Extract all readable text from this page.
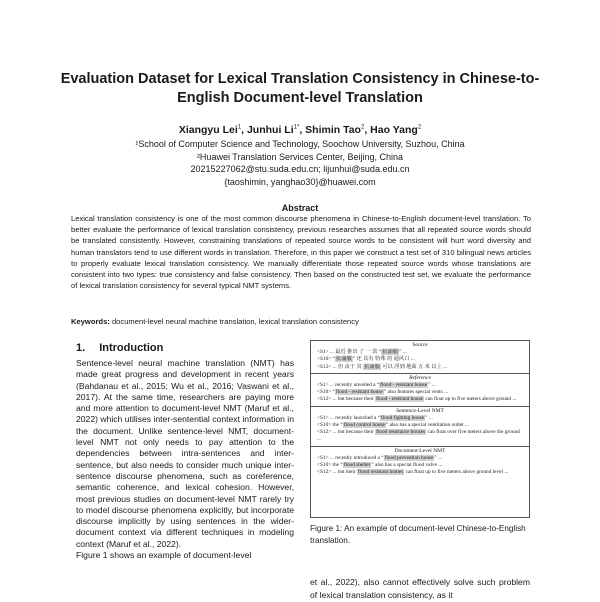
Evaluation Dataset for Lexical Translation Consistency in Chinese-to-English Document-level Translation
Xiangyu Lei$^1$, Junhui $Li^{1*}$, Shimin Tao$^2$, Hao Yang$^2$
¹School of Computer Science and Technology, Soochow University, Suzhou, China
²Huawei Translation Services Center, Beijing, China
20215227062@stu.suda.edu.cn; lijunhui@suda.edu.cn
{taoshimin, yanghao30}@huawei.com
Abstract
Lexical translation consistency is one of the most common discourse phenomena in Chinese-to-English document-level translation. To better evaluate the performance of lexical translation consistency, previous researches assumes that all repeated source words should be translated consistently. However, constraining translations of repeated source words to be consistent will hurt word diversity and human translators tend to use different words in translation. Therefore, in this paper we construct a test set of 310 bilingual news articles to properly evaluate lexical translation consistency. We manually differentiate those repeated source words whose translations are consistent into two types: true consistency and false consistency. Then based on the constructed test set, we evaluate the performance of lexical translation consistency for several typical NMT systems.
Keywords: document-level neural machine translation, lexical translation consistency
1. Introduction

Sentence-level neural machine translation (NMT) has made great progress and development in recent years (Bahdanau et al., 2015; Wu et al., 2016; Vaswani et al., 2017). At the same time, researchers are paying more and more attention to document-level NMT (Maruf et al., 2022) which utilises inter-sentential context information in the document. Unlike sentence-level NMT, document-level NMT not only needs to pay attention to the dependencies between intra-sentences and inter-sentence, but also needs to consider much unique inter-sentence discourse phenomena, such as coreference, semantic coherence, and lexical cohesion. However, most previous studies on document-level NMT rarely try to model discourse phenomena explicitly, but incorporate discourse implicitly by using sentences in the wider-document context via different techniques in modeling context (Maruf et al., 2022).

Figure 1 shows an example of document-level

Source
<S1> ... 最近 推出 了 一 款 “抗涌服” ...
<S10> “抗涌服” 还 具有 特殊 的 通风口 ...
<S12> ... 但 由于 其 抗涌服 可以 浮到 地面 五 米 以上 ...
Reference
<S1> ... recently unveiled a “flood - resistant house” ...
<S10> “flood - resistant house” also features special vents ...
<S12> ... but because their flood - resistant house can float up to five meters above ground ...
Sentence-Level NMT
<S1> ... recently launched a “flood fighting house” ...
<S10> the “flood control house” also has a special ventilation outlet ...
<S12> ... but because their flood resistance houses can float over five meters above the ground ...
Document-Level NMT
<S1> ... recently introduced a “flood prevention house” ...
<S10> the “flood shelter” also has a special flood valve ...
<S12> ... but their flood resistant homes can float up to five meters above ground level ...
Figure 1: An example of document-level Chinese-to-English translation.
et al., 2022), also cannot effectively solve such problem of lexical translation consistency, as it
